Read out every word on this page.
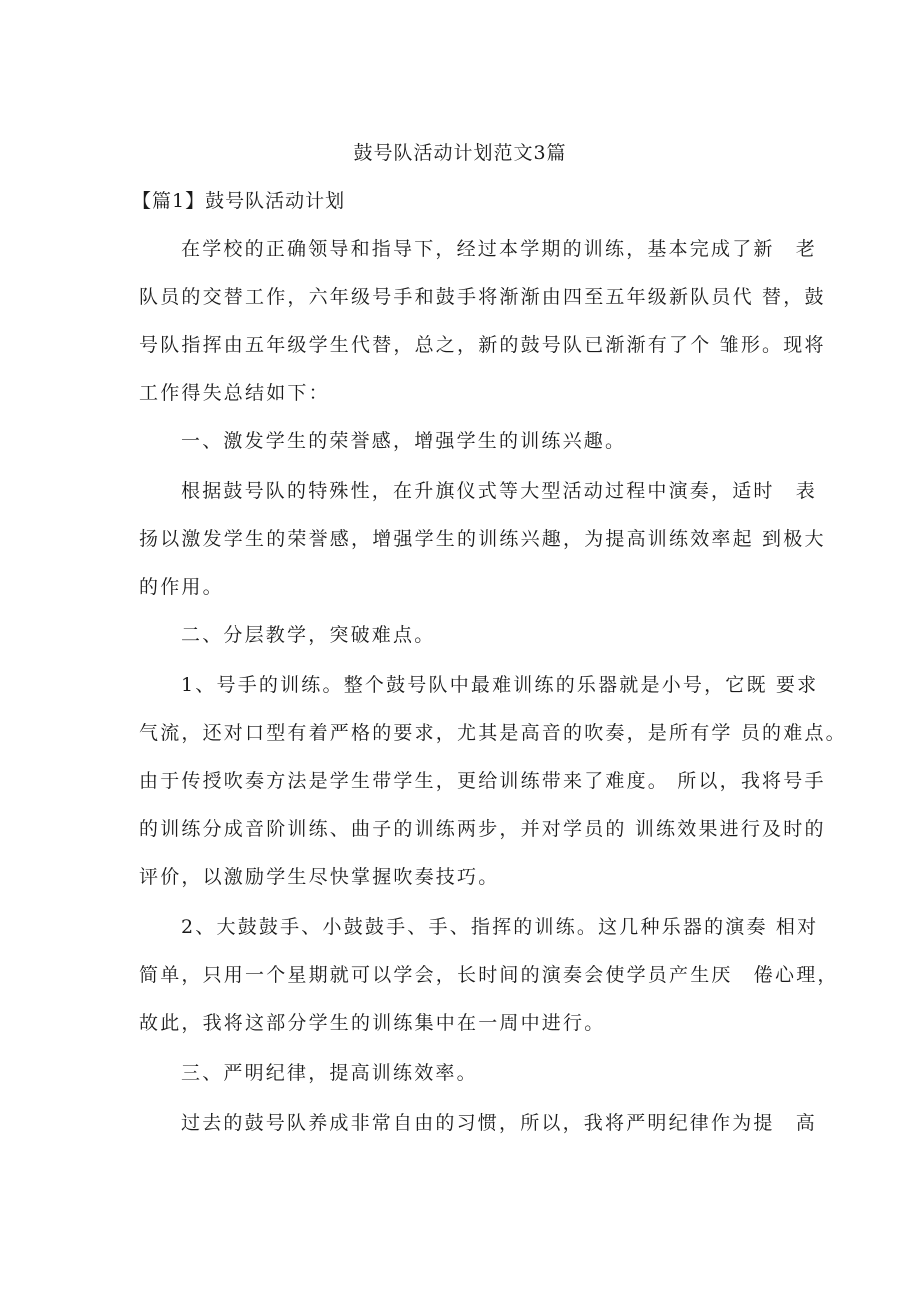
鼓号队活动计划范文3篇
【篇1】鼓号队活动计划
在学校的正确领导和指导下，经过本学期的训练，基本完成了新　老
队员的交替工作，六年级号手和鼓手将渐渐由四至五年级新队员代 替，鼓
号队指挥由五年级学生代替，总之，新的鼓号队已渐渐有了个 雏形。现将
工作得失总结如下：
一、激发学生的荣誉感，增强学生的训练兴趣。
根据鼓号队的特殊性，在升旗仪式等大型活动过程中演奏，适时　表
扬以激发学生的荣誉感，增强学生的训练兴趣，为提高训练效率起 到极大
的作用。
二、分层教学，突破难点。
1、号手的训练。整个鼓号队中最难训练的乐器就是小号，它既 要求
气流，还对口型有着严格的要求，尤其是高音的吹奏，是所有学 员的难点。
由于传授吹奏方法是学生带学生，更给训练带来了难度。 所以，我将号手
的训练分成音阶训练、曲子的训练两步，并对学员的 训练效果进行及时的
评价，以激励学生尽快掌握吹奏技巧。
2、大鼓鼓手、小鼓鼓手、手、指挥的训练。这几种乐器的演奏 相对
简单，只用一个星期就可以学会，长时间的演奏会使学员产生厌　倦心理，
故此，我将这部分学生的训练集中在一周中进行。
三、严明纪律，提高训练效率。
过去的鼓号队养成非常自由的习惯，所以，我将严明纪律作为提　高
